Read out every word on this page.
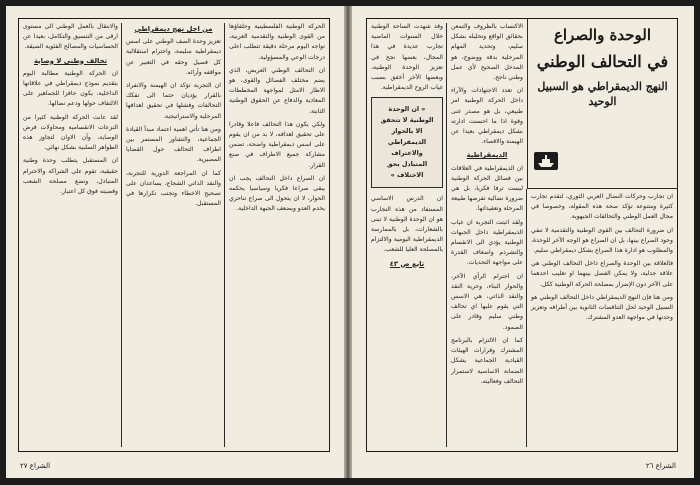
الحركة الوطنية الفلسطينية وحلفاؤها من القوى الوطنية والتقدمية العربية، تواجه اليوم مرحلة دقيقة تتطلب اعلى درجات الوعي والمسؤولية.

ان التحالف الوطني العريض، الذي يضم مختلف الفصائل والقوى، هو الاطار الامثل لمواجهة المخططات المعادية والدفاع عن الحقوق الوطنية الثابتة.

ولكي يكون هذا التحالف فاعلا وقادرا على تحقيق اهدافه، لا بد من ان يقوم على اسس ديمقراطية واضحة، تضمن مشاركة جميع الاطراف في صنع القرار.

ان الصراع داخل التحالف يجب ان يبقى صراعا فكريا وسياسيا يحكمه الحوار، لا ان يتحول الى صراع تناحري يخدم العدو ويضعف الجبهة الداخلية.

من اجل نهج ديمقراطي

تعزيز وحدة الصف الوطني على اسس ديمقراطية سليمة، واحترام استقلالية كل فصيل وحقه في التعبير عن مواقفه وآرائه.

ان التجربة تؤكد ان الهيمنة والانفراد بالقرار يؤديان حتما الى تفكك التحالفات وفشلها في تحقيق اهدافها المرحلية والاستراتيجية.

ومن هنا تأتي اهمية اعتماد مبدأ القيادة الجماعية، والتشاور المستمر بين اطراف التحالف حول القضايا المصيرية.

كما ان المراجعة الدورية للتجربة، والنقد الذاتي الشجاع، يساعدان على تصحيح الاخطاء وتجنب تكرارها في المستقبل.

والانتقال بالعمل الوطني الى مستوى ارقى من التنسيق والتكامل، بعيدا عن الحساسيات والمصالح الفئوية الضيقة.

تحالف وطني لا وصاية

ان الحركة الوطنية مطالبة اليوم بتقديم نموذج ديمقراطي في علاقاتها الداخلية، يكون حافزا للجماهير على الالتفاف حولها ودعم نضالها.

لقد عانت الحركة الوطنية كثيرا من النزعات الانقسامية ومحاولات فرض الوصاية، وآن الاوان لتجاوز هذه الظواهر السلبية بشكل نهائي.

ان المستقبل يتطلب وحدة وطنية حقيقية، تقوم على الشراكة والاحترام المتبادل، وتضع مصلحة الشعب وقضيته فوق كل اعتبار.

الشراع ٢٧
الوحدة والصراع
في التحالف الوطني
النهج الديمقراطي هو السبيل الوحيد

ان تجارب وحركات النضال العربي الثوري، لتقدم تجارب كثيرة ومتنوعة تؤكد صحة هذه المقولة، وخصوصا في مجال العمل الوطني والتحالفات الجبهوية.

ان ضرورة التحالف بين القوى الوطنية والتقدمية لا تنفي وجود الصراع بينها، بل ان الصراع هو الوجه الآخر للوحدة، والمطلوب هو ادارة هذا الصراع بشكل ديمقراطي سليم.

فالعلاقة بين الوحدة والصراع داخل التحالف الوطني هي علاقة جدلية، ولا يمكن الفصل بينهما او تغليب احدهما على الآخر دون الإضرار بمصلحة الحركة الوطنية ككل.

ومن هنا فإن النهج الديمقراطي داخل التحالف الوطني هو السبيل الوحيد لحل التناقضات الثانوية بين أطرافه وتعزيز وحدتها في مواجهة العدو المشترك.

الاكتساب بالظروف والتمعن بحقائق الواقع وتحليله بشكل سليم، وتحديد المهام المرحلية بدقة ووضوح، هو المدخل الصحيح لأي عمل وطني ناجح.

ان تعدد الاجتهادات والآراء داخل الحركة الوطنية امر طبيعي، بل هو مصدر غنى وقوة اذا ما احسنت ادارته بشكل ديمقراطي بعيدا عن الهيمنة والاقصاء.

الديمقراطية

ان الديمقراطية في العلاقات بين فصائل الحركة الوطنية ليست ترفا فكريا، بل هي ضرورة نضالية تفرضها طبيعة المرحلة وتعقيداتها.

ولقد اثبتت التجربة ان غياب الديمقراطية داخل الجبهات الوطنية يؤدي الى الانقسام والتشرذم واضعاف القدرة على مواجهة التحديات.

ان احترام الرأي الآخر، والحوار البناء، وحرية النقد والنقد الذاتي، هي الاسس التي يقوم عليها اي تحالف وطني سليم وقادر على الصمود.

كما ان الالتزام بالبرنامج المشترك وقرارات الهيئات القيادية الجماعية يشكل الضمانة الاساسية لاستمرار التحالف وفعاليته.

وقد شهدت الساحة الوطنية خلال السنوات الماضية تجارب عديدة في هذا المجال، بعضها نجح في تعزيز الوحدة الوطنية، وبعضها الآخر أخفق بسبب غياب الروح الديمقراطية.

« ان الوحدة الوطنية لا تتحقق الا بالحوار الديمقراطي والاعتراف المتبادل بحق الاختلاف »

ان الدرس الاساسي المستفاد من هذه التجارب هو ان الوحدة الوطنية لا تبنى بالشعارات، بل بالممارسة الديمقراطية اليومية والالتزام بالمصلحة العليا للشعب.

تابع ص ٤٣
الشراع ٢٦
